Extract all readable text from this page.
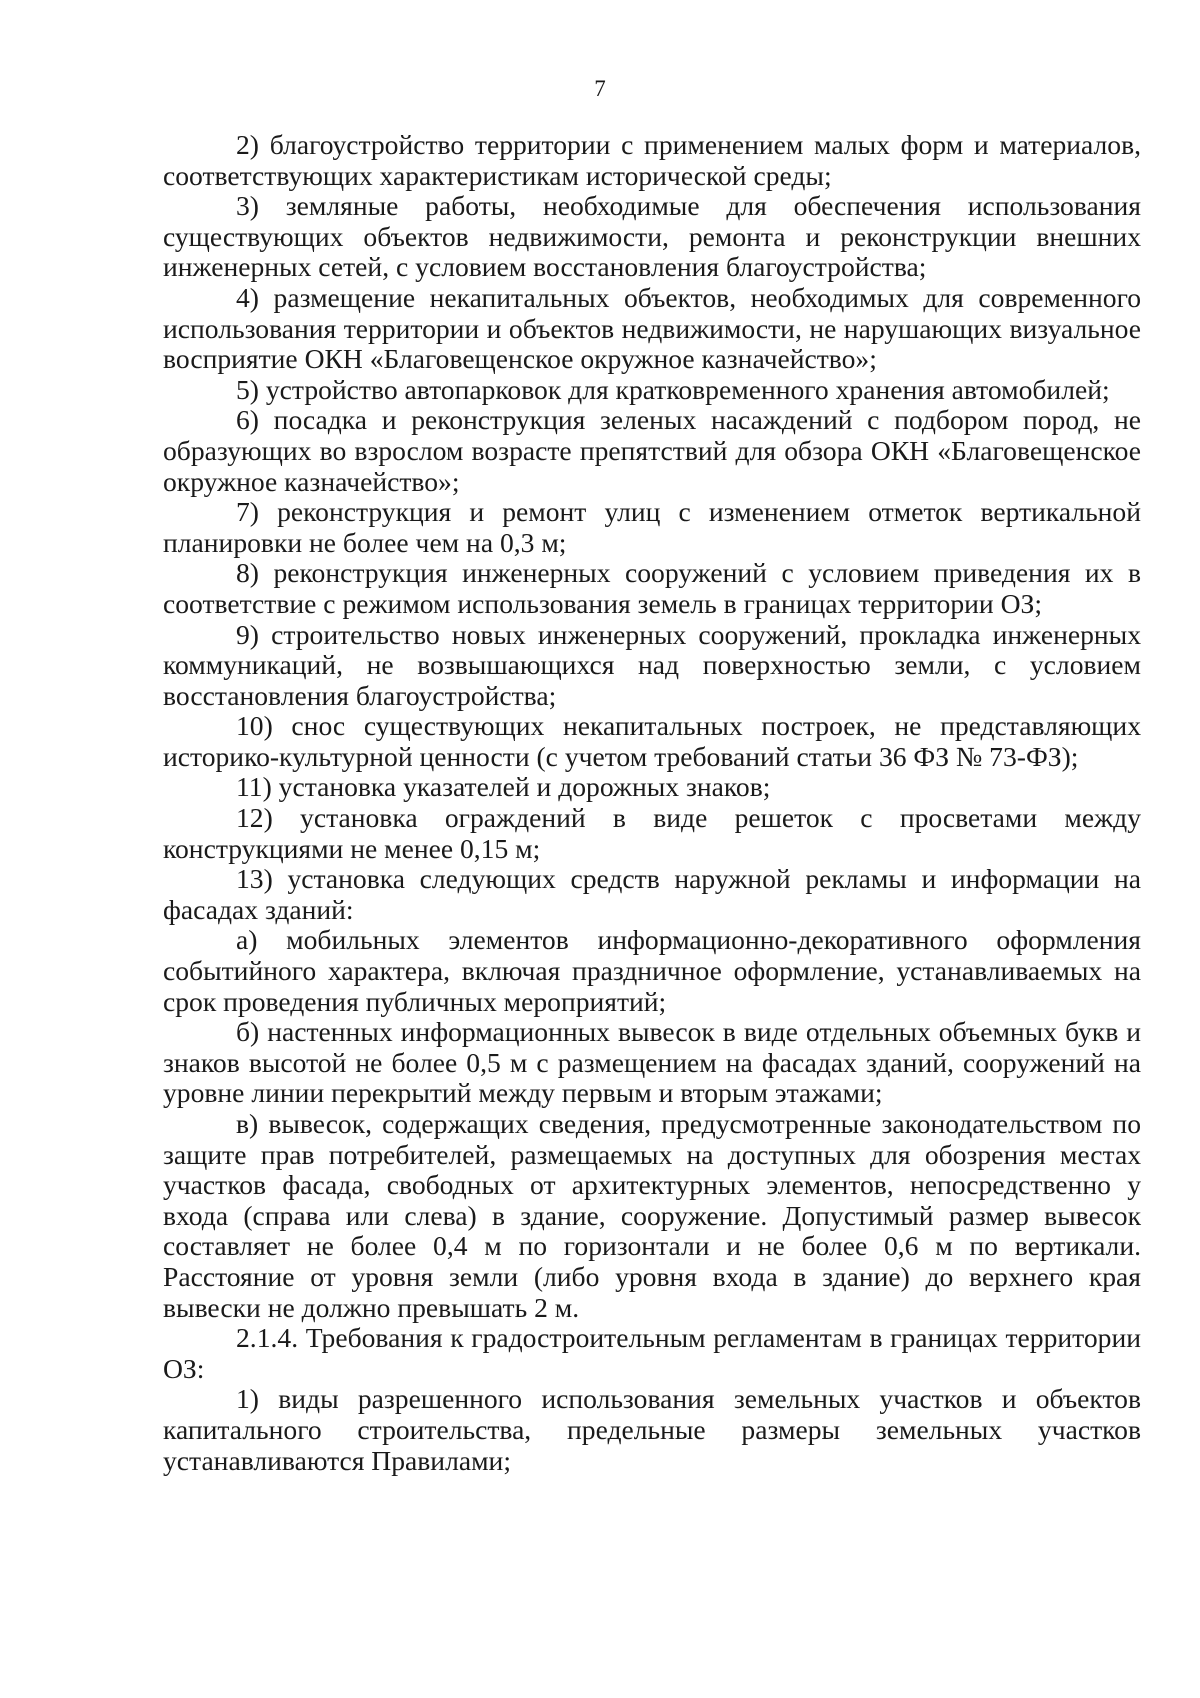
7

2) благоустройство территории с применением малых форм и материалов, соответствующих характеристикам исторической среды;

3) земляные работы, необходимые для обеспечения использования существующих объектов недвижимости, ремонта и реконструкции внешних инженерных сетей, с условием восстановления благоустройства;

4) размещение некапитальных объектов, необходимых для современного использования территории и объектов недвижимости, не нарушающих визуальное восприятие ОКН «Благовещенское окружное казначейство»;

5) устройство автопарковок для кратковременного хранения автомобилей;

6) посадка и реконструкция зеленых насаждений с подбором пород, не образующих во взрослом возрасте препятствий для обзора ОКН «Благовещенское окружное казначейство»;

7) реконструкция и ремонт улиц с изменением отметок вертикальной планировки не более чем на 0,3 м;

8) реконструкция инженерных сооружений с условием приведения их в соответствие с режимом использования земель в границах территории ОЗ;

9) строительство новых инженерных сооружений, прокладка инженерных коммуникаций, не возвышающихся над поверхностью земли, с условием восстановления благоустройства;

10) снос существующих некапитальных построек, не представляющих историко-культурной ценности (с учетом требований статьи 36 ФЗ № 73-ФЗ);

11) установка указателей и дорожных знаков;

12) установка ограждений в виде решеток с просветами между конструкциями не менее 0,15 м;

13) установка следующих средств наружной рекламы и информации на фасадах зданий:

а) мобильных элементов информационно-декоративного оформления событийного характера, включая праздничное оформление, устанавливаемых на срок проведения публичных мероприятий;

б) настенных информационных вывесок в виде отдельных объемных букв и знаков высотой не более 0,5 м с размещением на фасадах зданий, сооружений на уровне линии перекрытий между первым и вторым этажами;

в) вывесок, содержащих сведения, предусмотренные законодательством по защите прав потребителей, размещаемых на доступных для обозрения местах участков фасада, свободных от архитектурных элементов, непосредственно у входа (справа или слева) в здание, сооружение. Допустимый размер вывесок составляет не более 0,4 м по горизонтали и не более 0,6 м по вертикали. Расстояние от уровня земли (либо уровня входа в здание) до верхнего края вывески не должно превышать 2 м.

2.1.4. Требования к градостроительным регламентам в границах территории ОЗ:

1) виды разрешенного использования земельных участков и объектов капитального строительства, предельные размеры земельных участков устанавливаются Правилами;
